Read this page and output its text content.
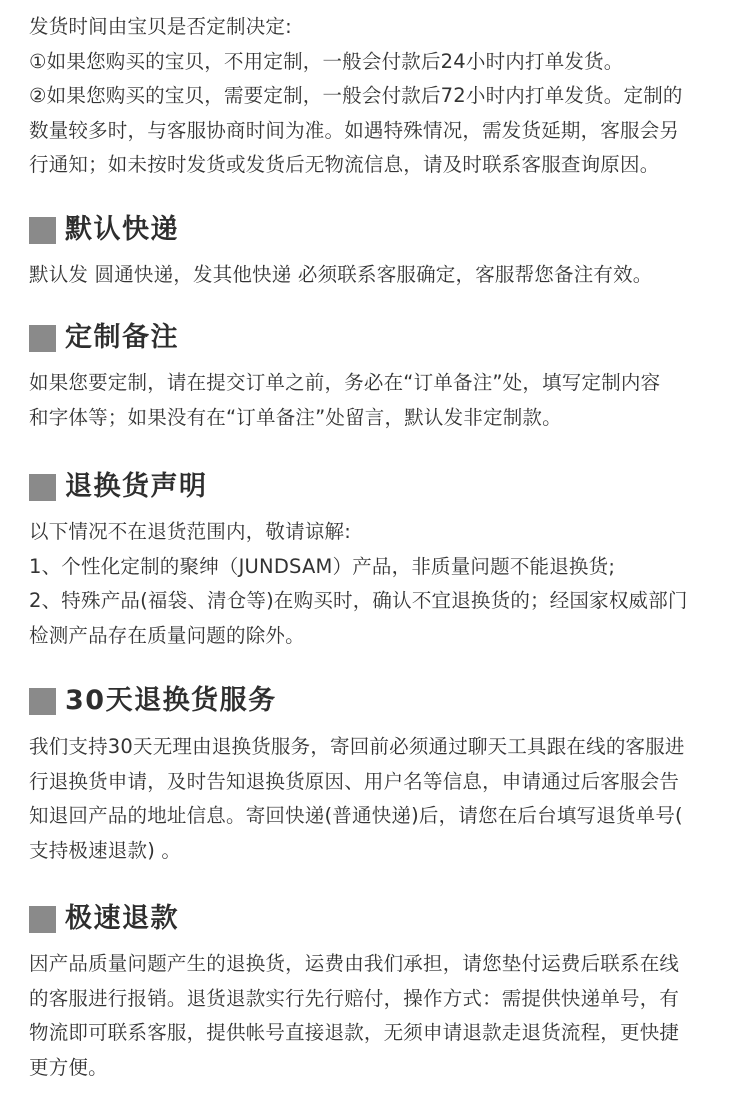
发货时间由宝贝是否定制决定:
①如果您购买的宝贝，不用定制，一般会付款后24小时内打单发货。
②如果您购买的宝贝，需要定制，一般会付款后72小时内打单发货。定制的
数量较多时，与客服协商时间为准。如遇特殊情况，需发货延期，客服会另
行通知；如未按时发货或发货后无物流信息，请及时联系客服查询原因。
默认快递
默认发 圆通快递，发其他快递 必须联系客服确定，客服帮您备注有效。
定制备注
如果您要定制，请在提交订单之前，务必在“订单备注”处，填写定制内容
和字体等；如果没有在“订单备注”处留言，默认发非定制款。
退换货声明
以下情况不在退货范围内，敬请谅解:
1、个性化定制的聚绅（JUNDSAM）产品，非质量问题不能退换货;
2、特殊产品(福袋、清仓等)在购买时，确认不宜退换货的；经国家权威部门
检测产品存在质量问题的除外。
30天退换货服务
我们支持30天无理由退换货服务，寄回前必须通过聊天工具跟在线的客服进
行退换货申请，及时告知退换货原因、用户名等信息，申请通过后客服会告
知退回产品的地址信息。寄回快递(普通快递)后，请您在后台填写退货单号(
支持极速退款) 。
极速退款
因产品质量问题产生的退换货，运费由我们承担，请您垫付运费后联系在线
的客服进行报销。退货退款实行先行赔付，操作方式：需提供快递单号，有
物流即可联系客服，提供帐号直接退款，无须申请退款走退货流程，更快捷
更方便。
